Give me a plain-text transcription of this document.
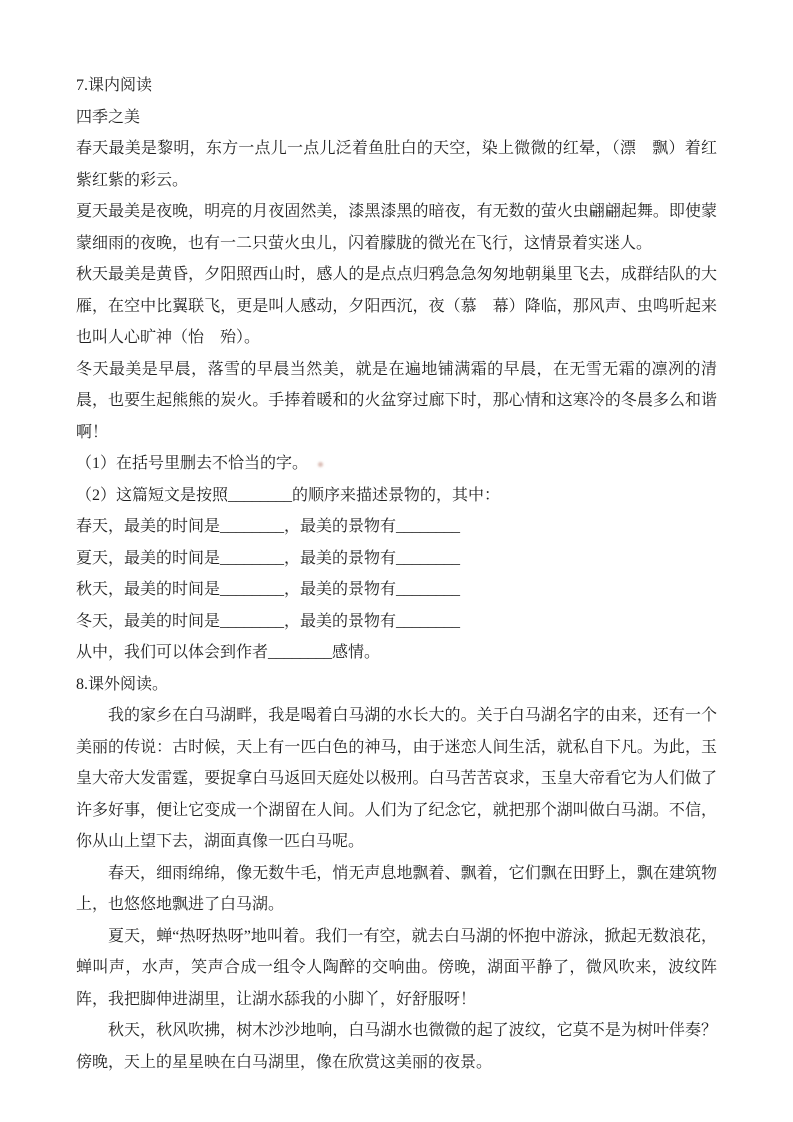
7.课内阅读
四季之美

春天最美是黎明，东方一点儿一点儿泛着鱼肚白的天空，染上微微的红晕，（漂　飘）着红紫红紫的彩云。

夏天最美是夜晚，明亮的月夜固然美，漆黑漆黑的暗夜，有无数的萤火虫翩翩起舞。即使蒙蒙细雨的夜晚，也有一二只萤火虫儿，闪着朦胧的微光在飞行，这情景着实迷人。

秋天最美是黄昏，夕阳照西山时，感人的是点点归鸦急急匆匆地朝巢里飞去，成群结队的大雁，在空中比翼联飞，更是叫人感动，夕阳西沉，夜（慕　幕）降临，那风声、虫鸣听起来也叫人心旷神（怡　殆）。

冬天最美是早晨，落雪的早晨当然美，就是在遍地铺满霜的早晨，在无雪无霜的凛冽的清晨，也要生起熊熊的炭火。手捧着暖和的火盆穿过廊下时，那心情和这寒冷的冬晨多么和谐啊！

（1）在括号里删去不恰当的字。
（2）这篇短文是按照________的顺序来描述景物的，其中：
春天，最美的时间是________，最美的景物有________
夏天，最美的时间是________，最美的景物有________
秋天，最美的时间是________，最美的景物有________
冬天，最美的时间是________，最美的景物有________
从中，我们可以体会到作者________感情。
8.课外阅读。

我的家乡在白马湖畔，我是喝着白马湖的水长大的。关于白马湖名字的由来，还有一个美丽的传说：古时候，天上有一匹白色的神马，由于迷恋人间生活，就私自下凡。为此，玉皇大帝大发雷霆，要捉拿白马返回天庭处以极刑。白马苦苦哀求，玉皇大帝看它为人们做了许多好事，便让它变成一个湖留在人间。人们为了纪念它，就把那个湖叫做白马湖。不信，你从山上望下去，湖面真像一匹白马呢。

春天，细雨绵绵，像无数牛毛，悄无声息地飘着、飘着，它们飘在田野上，飘在建筑物上，也悠悠地飘进了白马湖。

夏天，蝉“热呀热呀”地叫着。我们一有空，就去白马湖的怀抱中游泳，掀起无数浪花，蝉叫声，水声，笑声合成一组令人陶醉的交响曲。傍晚，湖面平静了，微风吹来，波纹阵阵，我把脚伸进湖里，让湖水舔我的小脚丫，好舒服呀！

秋天，秋风吹拂，树木沙沙地响，白马湖水也微微的起了波纹，它莫不是为树叶伴奏？傍晚，天上的星星映在白马湖里，像在欣赏这美丽的夜景。
